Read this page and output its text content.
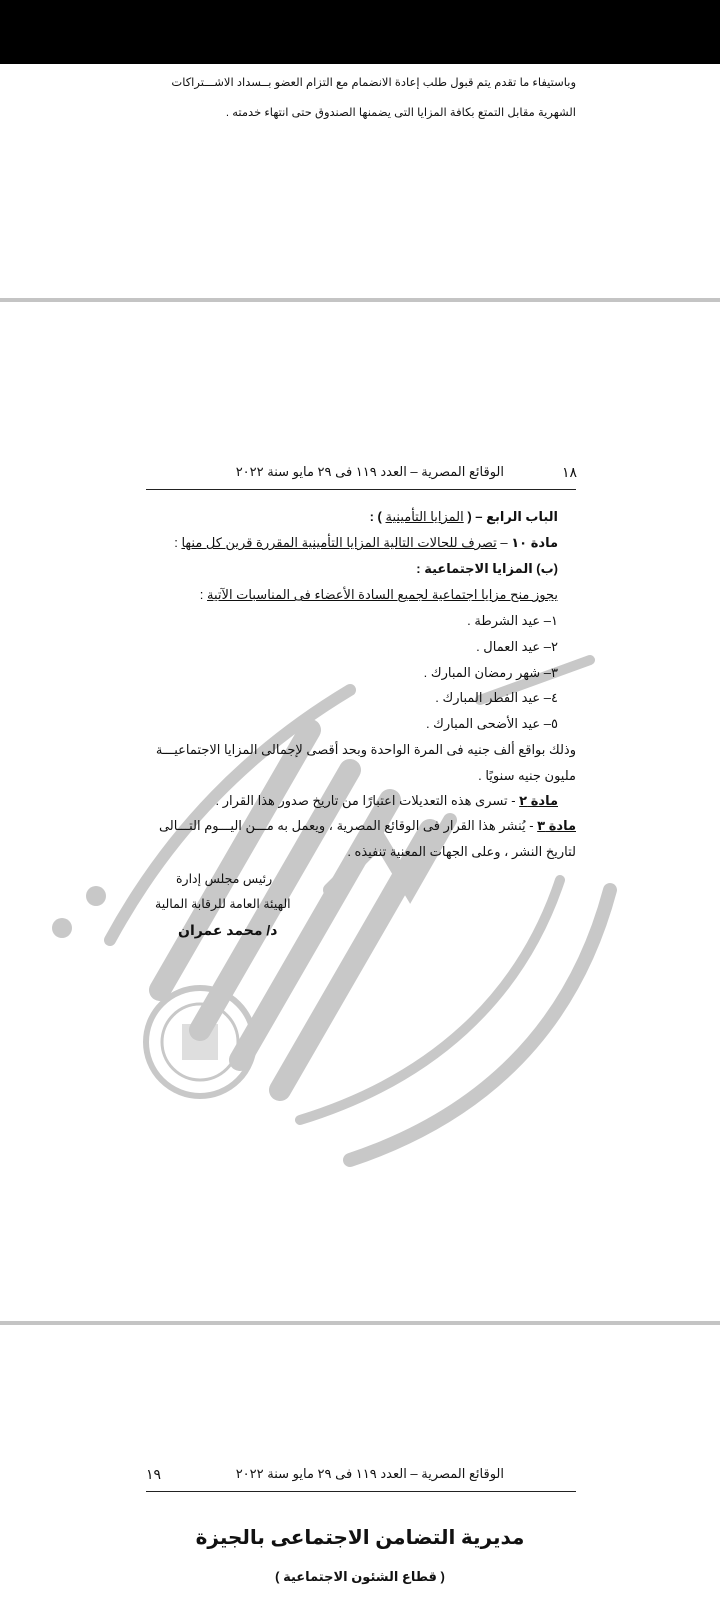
وباستيفاء ما تقدم يتم قبول طلب إعادة الانضمام مع التزام العضو بــسداد الاشـــتراكات
الشهرية مقابل التمتع بكافة المزايا التى يضمنها الصندوق حتى انتهاء خدمته .
١٨
الوقائع المصرية – العدد ١١٩ فى ٢٩ مايو سنة ٢٠٢٢
الباب الرابع – ( المزايا التأمينية ) :
مادة ١٠ – تصرف للحالات التالية المزايا التأمينية المقررة قرين كل منها :
(ب) المزايا الاجتماعية :
يجوز منح مزايا اجتماعية لجميع السادة الأعضاء فى المناسبات الآتية :
١– عيد الشرطة .
٢– عيد العمال .
٣– شهر رمضان المبارك .
٤– عيد الفطر المبارك .
٥– عيد الأضحى المبارك .
وذلك بواقع ألف جنيه فى المرة الواحدة وبحد أقصى لإجمالى المزايا الاجتماعيـــة
مليون جنيه سنويًا .
مادة ٢ - تسرى هذه التعديلات اعتبارًا من تاريخ صدور هذا القرار .
مادة ٣ - يُنشر هذا القرار فى الوقائع المصرية ، ويعمل به مـــن اليـــوم التـــالى
لتاريخ النشر ، وعلى الجهات المعنية تنفيذه .
رئيس مجلس إدارة
الهيئة العامة للرقابة المالية
د/ محمد عمران
١٩	الوقائع المصرية – العدد ١١٩ فى ٢٩ مايو سنة ٢٠٢٢
مديرية التضامن الاجتماعى بالجيزة
( قطاع الشئون الاجتماعية )
